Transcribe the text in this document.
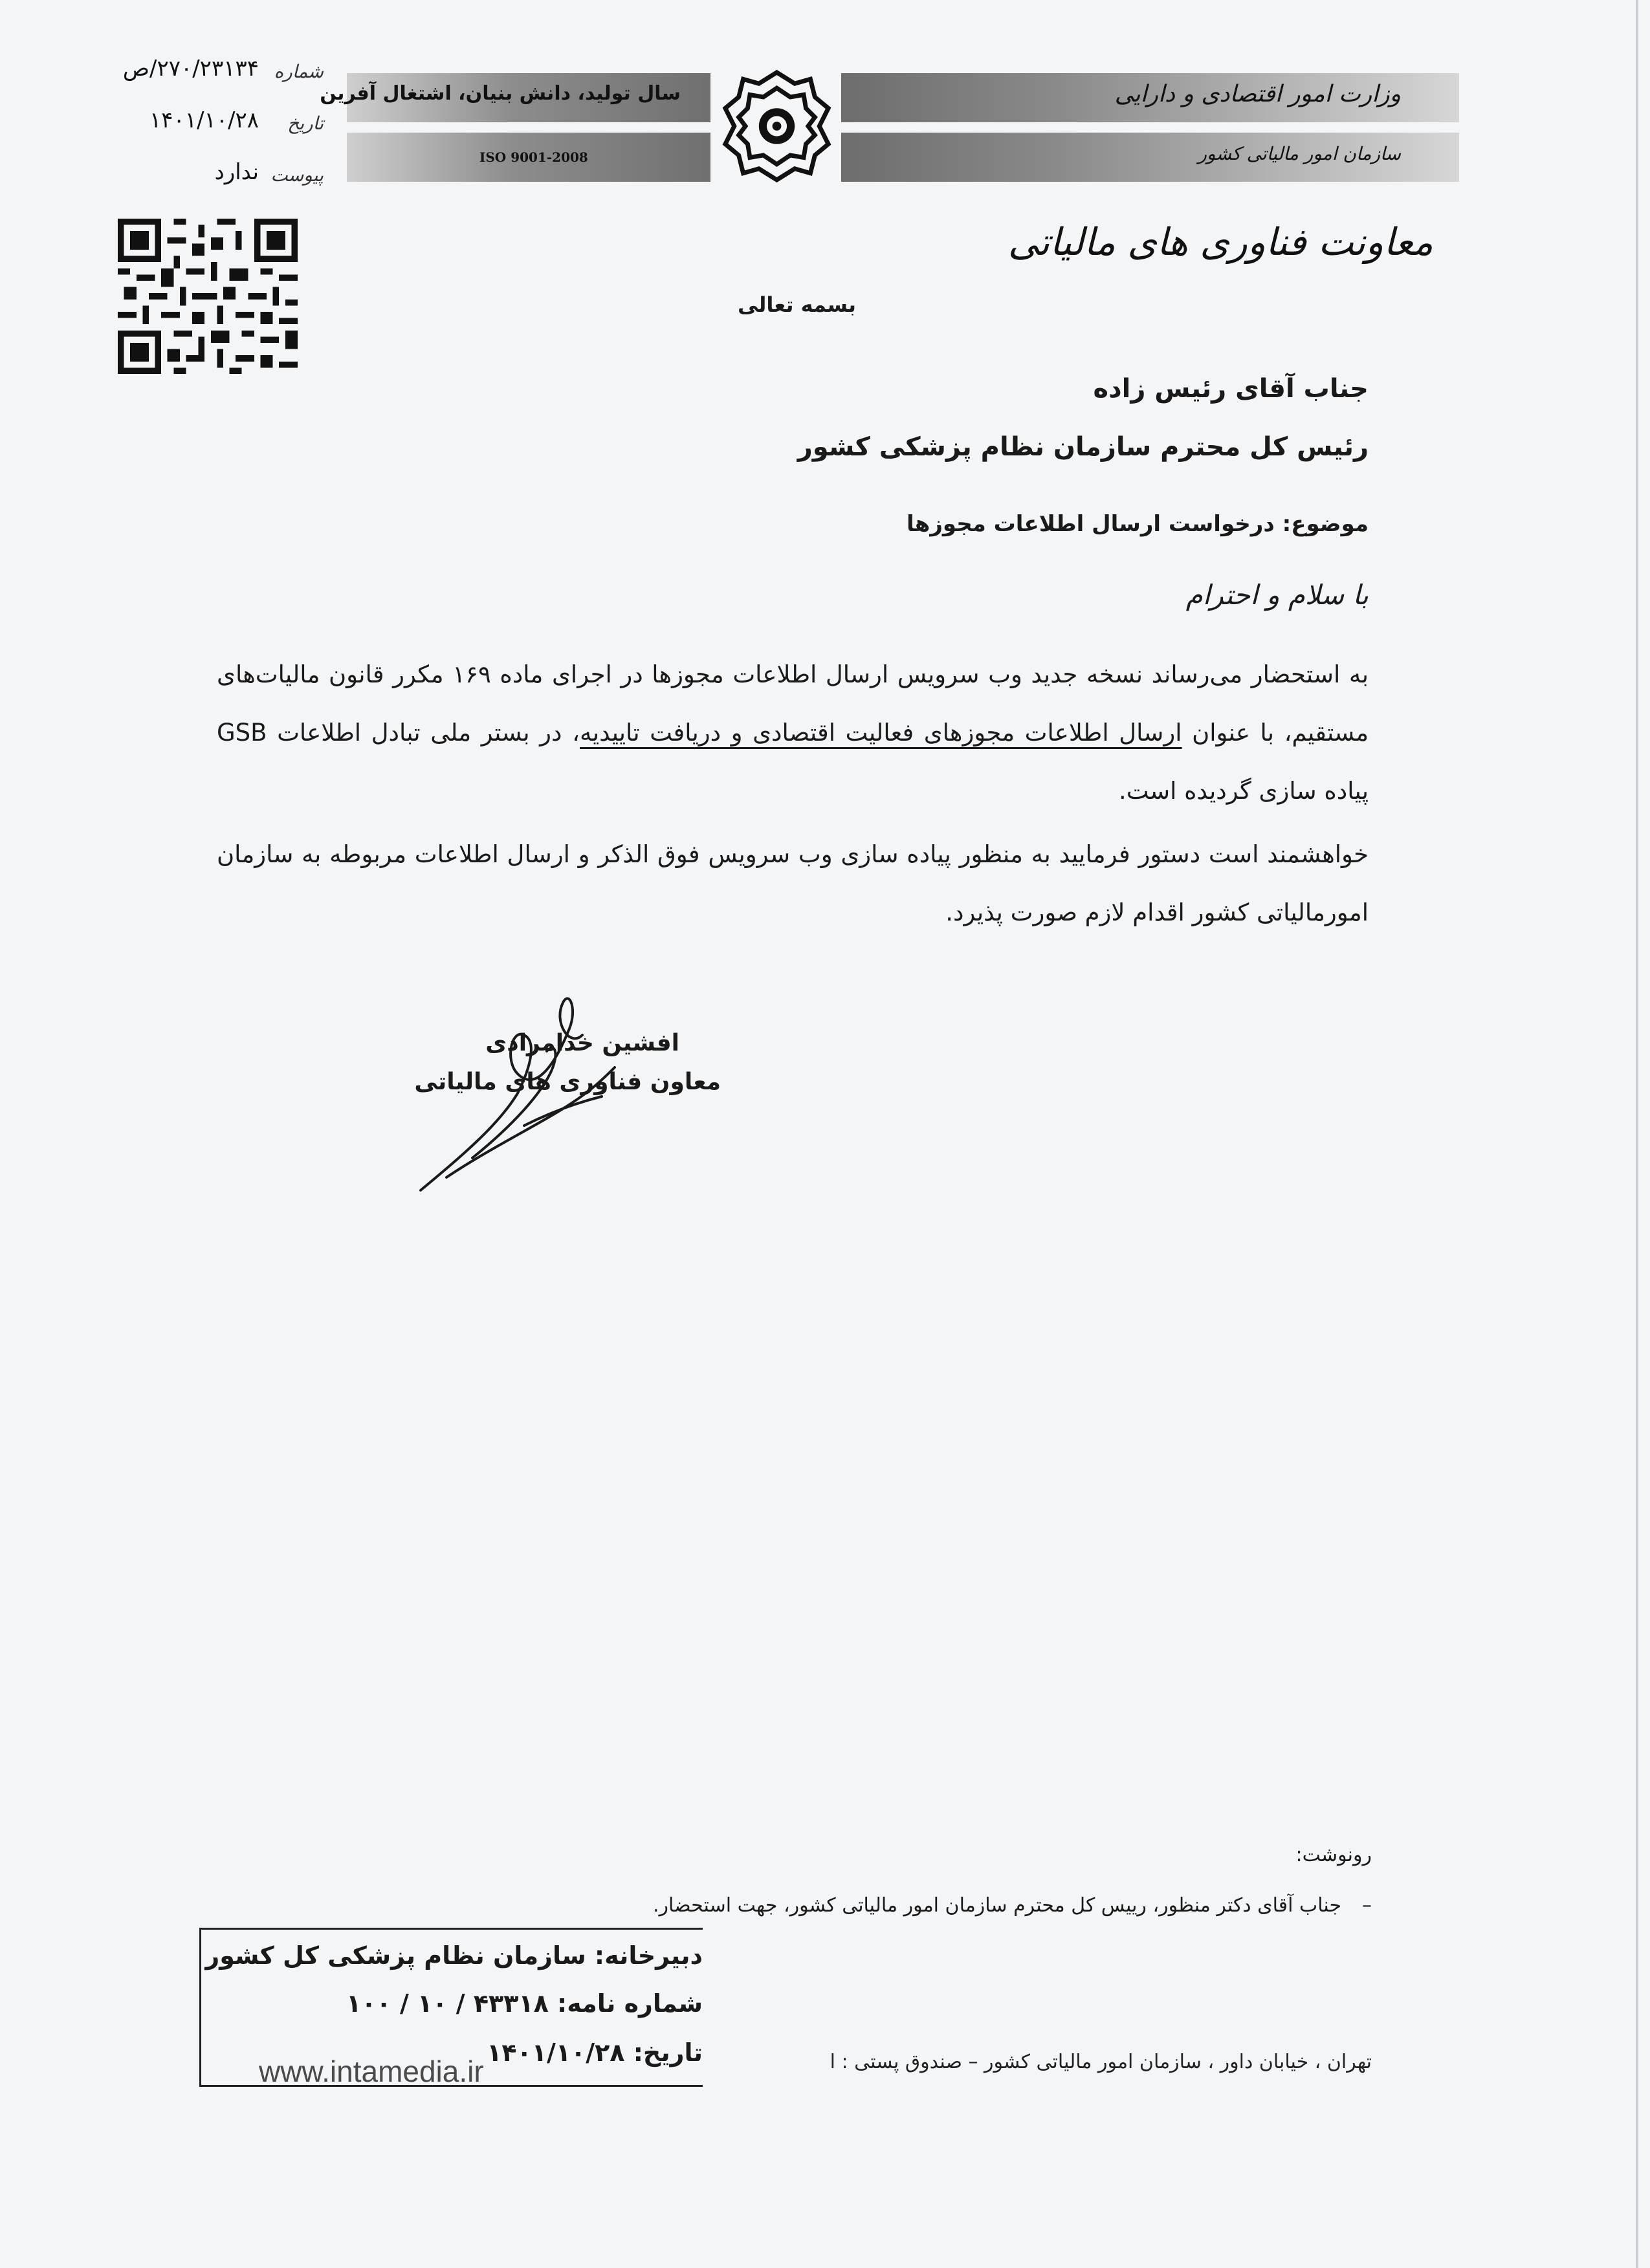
شماره
۲۷۰/۲۳۱۳۴/ص
تاریخ
۱۴۰۱/۱۰/۲۸
پیوست
ندارد
سال تولید، دانش بنیان، اشتغال آفرین
ISO 9001-2008
وزارت امور اقتصادی و دارایی
سازمان امور مالیاتی کشور
معاونت فناوری های مالیاتی
بسمه تعالی
جناب آقای رئیس زاده
رئیس کل محترم سازمان نظام پزشکی کشور
موضوع: درخواست ارسال اطلاعات مجوزها
با سلام و احترام
به استحضار می‌رساند نسخه جدید وب سرویس ارسال اطلاعات مجوزها در اجرای ماده ۱۶۹ مکرر قانون مالیات‌های مستقیم، با عنوان ارسال اطلاعات مجوزهای فعالیت اقتصادی و دریافت تاییدیه، در بستر ملی تبادل اطلاعات GSB پیاده سازی گردیده است.
خواهشمند است دستور فرمایید به منظور پیاده سازی وب سرویس فوق الذکر و ارسال اطلاعات مربوطه به سازمان امورمالیاتی کشور اقدام لازم صورت پذیرد.
افشین خدامرادی
معاون فناوری های مالیاتی
رونوشت:
–جناب آقای دکتر منظور، رییس کل محترم سازمان امور مالیاتی کشور، جهت استحضار.
تهران ، خیابان داور ، سازمان امور مالیاتی کشور – صندوق پستی : ا
دبیرخانه: سازمان نظام پزشکی کل کشور
شماره نامه: ۴۳۳۱۸ / ۱۰ / ۱۰۰
تاریخ: ۱۴۰۱/۱۰/۲۸
www.intamedia.ir
